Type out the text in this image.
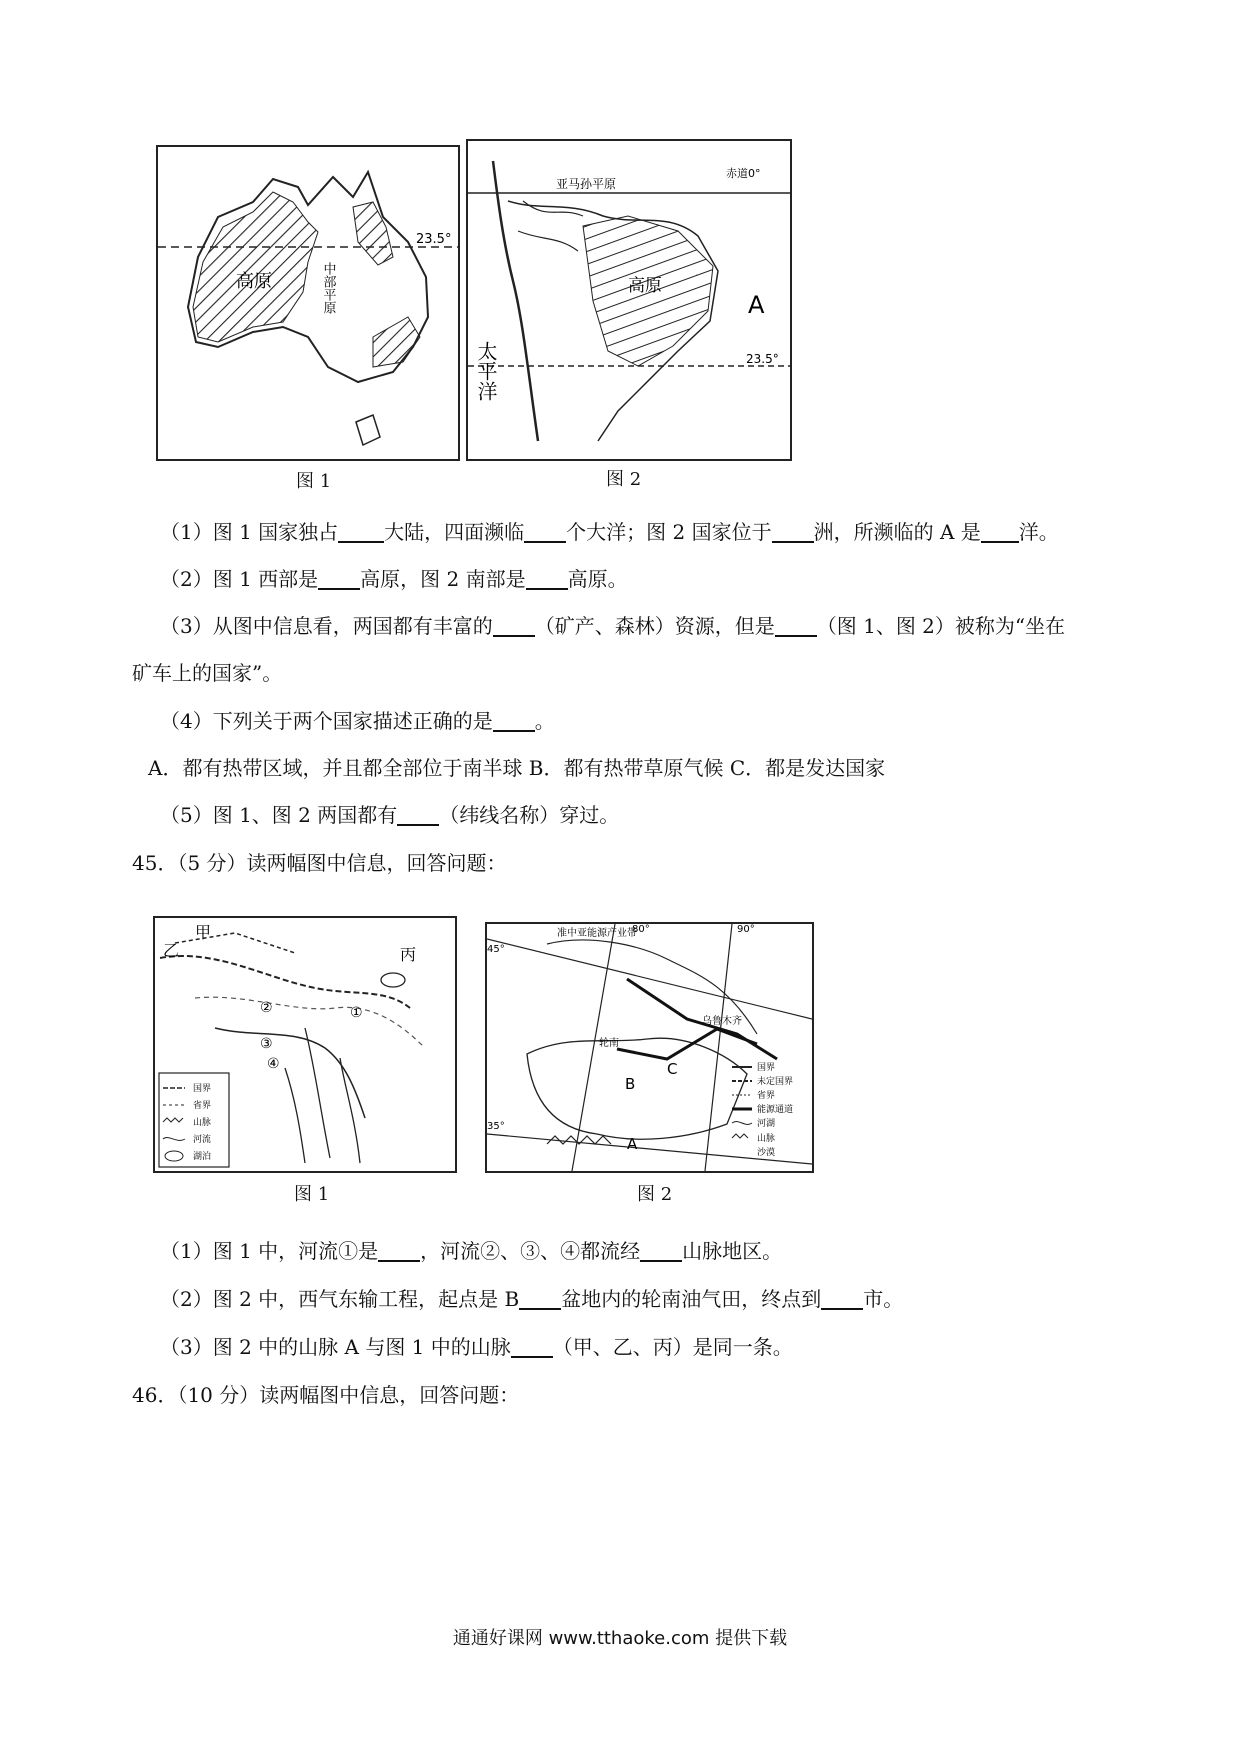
高原	中部平原
23.5°
图 1
赤道0°
亚马孙平原
高原
A
太平洋	23.5°
图 2
（1）图 1 国家独占 大陆，四面濒临 个大洋；图 2 国家位于 洲，所濒临的 A 是 洋。
（2）图 1 西部是 高原，图 2 南部是 高原。
（3）从图中信息看，两国都有丰富的 （矿产、森林）资源，但是 （图 1、图 2）被称为“坐在
矿车上的国家”。
（4）下列关于两个国家描述正确的是 。
A．都有热带区域，并且都全部位于南半球 B．都有热带草原气候 C．都是发达国家
（5）图 1、图 2 两国都有 （纬线名称）穿过。
45．（5 分）读两幅图中信息，回答问题：
甲
乙	丙
①
②
③
④
国界
省界
山脉
河流
湖泊
图 1
80°	90°
45°
35°
准中亚能源产业带
乌鲁木齐
轮南
B
C
A
国界
未定国界
省界
能源通道
河湖
山脉
沙漠
图 2
（1）图 1 中，河流①是 ，河流②、③、④都流经 山脉地区。
（2）图 2 中，西气东输工程，起点是 B 盆地内的轮南油气田，终点到 市。
（3）图 2 中的山脉 A 与图 1 中的山脉 （甲、乙、丙）是同一条。
46．（10 分）读两幅图中信息，回答问题：
通通好课网 www.tthaoke.com 提供下载
